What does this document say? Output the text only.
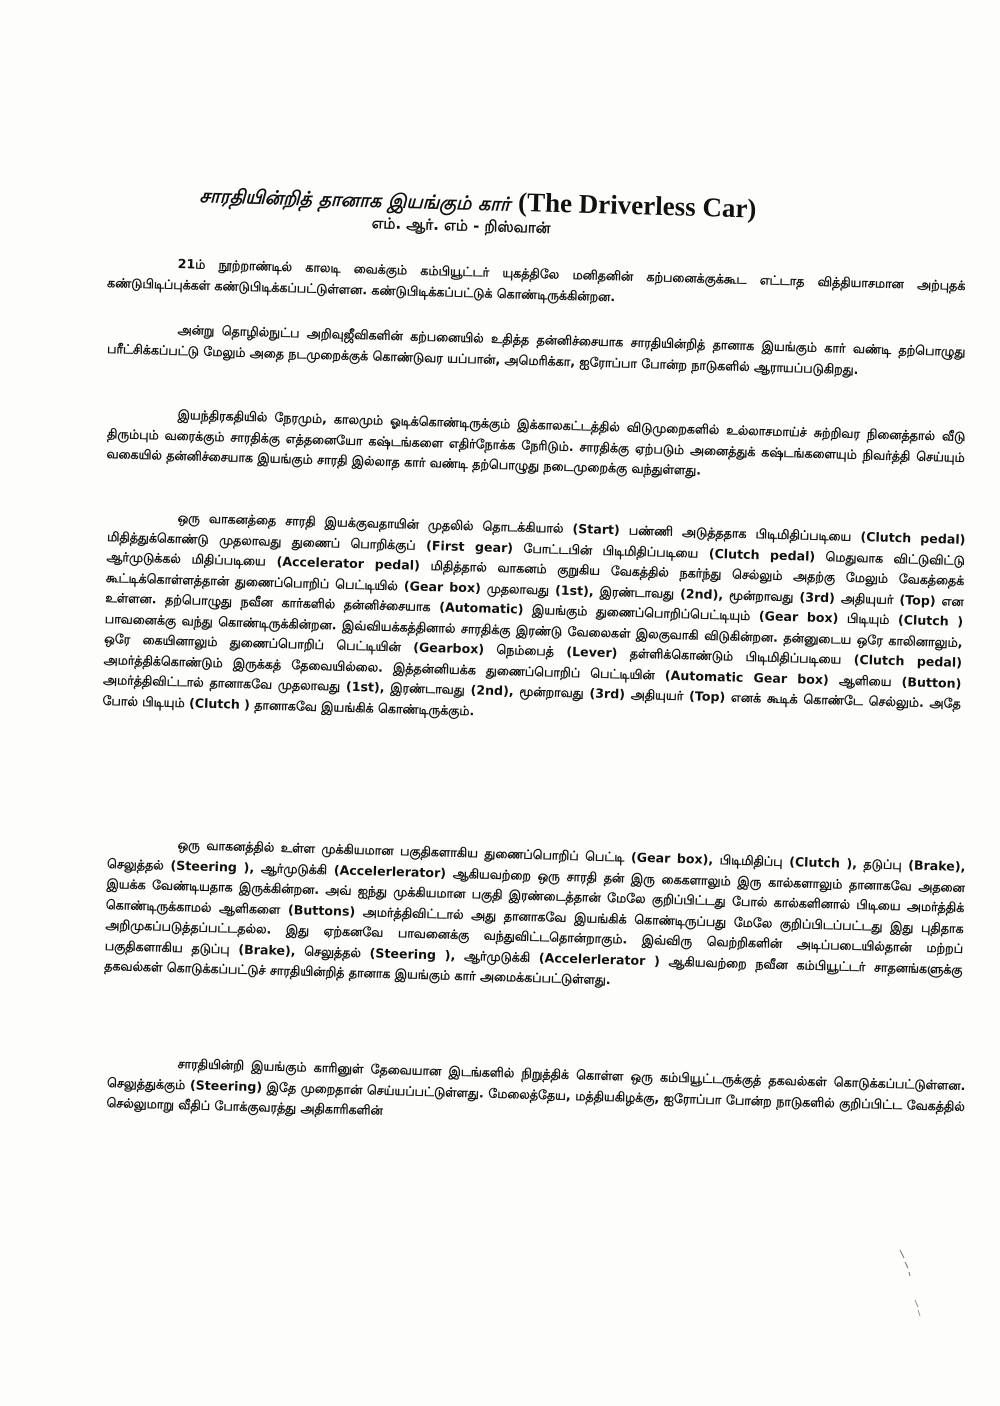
சாரதியின்றித் தானாக இயங்கும் கார் (The Driverless Car)
எம். ஆர். எம் - றிஸ்வான்
21ம் நூற்றாண்டில் காலடி வைக்கும் கம்பியூட்டர் யுகத்திலே மனிதனின் கற்பனைக்குக்கூட எட்டாத வித்தியாசமான அற்புதக் கண்டுபிடிப்புக்கள் கண்டுபிடிக்கப்பட்டுள்ளன. கண்டுபிடிக்கப்பட்டுக் கொண்டிருக்கின்றன.
அன்று தொழில்நுட்ப அறிவுஜீவிகளின் கற்பனையில் உதித்த தன்னிச்சையாக சாரதியின்றித் தானாக இயங்கும் கார் வண்டி தற்பொழுது பரீட்சிக்கப்பட்டு மேலும் அதை நடமுறைக்குக் கொண்டுவர யப்பான், அமெரிக்கா, ஐரோப்பா போன்ற நாடுகளில் ஆராயப்படுகிறது.
இயந்திரகதியில் நேரமும், காலமும் ஓடிக்கொண்டிருக்கும் இக்காலகட்டத்தில் விடுமுறைகளில் உல்லாசமாய்ச் சுற்றிவர நினைத்தால் வீடு திரும்பும் வரைக்கும் சாரதிக்கு எத்தனையோ கஷ்டங்களை எதிர்நோக்க நேரிடும். சாரதிக்கு ஏற்படும் அனைத்துக் கஷ்டங்களையும் நிவர்த்தி செய்யும் வகையில் தன்னிச்சையாக இயங்கும் சாரதி இல்லாத கார் வண்டி தற்பொழுது நடைமுறைக்கு வந்துள்ளது.
ஒரு வாகனத்தை சாரதி இயக்குவதாயின் முதலில் தொடக்கியால் (Start) பண்ணி அடுத்ததாக பிடிமிதிப்படியை (Clutch pedal) மிதித்துக்கொண்டு முதலாவது துணைப் பொறிக்குப் (First gear) போட்டபின் பிடிமிதிப்படியை (Clutch pedal) மெதுவாக விட்டுவிட்டு ஆர்முடுக்கல் மிதிப்படியை (Accelerator pedal) மிதித்தால் வாகனம் குறுகிய வேகத்தில் நகர்ந்து செல்லும் அதற்கு மேலும் வேகத்தைக் கூட்டிக்கொள்ளத்தான் துணைப்பொறிப் பெட்டியில் (Gear box) முதலாவது (1st), இரண்டாவது (2nd), மூன்றாவது (3rd) அதியுயர் (Top) என உள்ளன. தற்பொழுது நவீன கார்களில் தன்னிச்சையாக (Automatic) இயங்கும் துணைப்பொறிப்பெட்டியும் (Gear box) பிடியும் (Clutch ) பாவனைக்கு வந்து கொண்டிருக்கின்றன. இவ்வியக்கத்தினால் சாரதிக்கு இரண்டு வேலைகள் இலகுவாகி விடுகின்றன. தன்னுடைய ஒரே காலினாலும், ஒரே கையினாலும் துணைப்பொறிப் பெட்டியின் (Gearbox) நெம்பைத் (Lever) தள்ளிக்கொண்டும் பிடிமிதிப்படியை (Clutch pedal) அமர்த்திக்கொண்டும் இருக்கத் தேவையில்லை. இத்தன்னியக்க துணைப்பொறிப் பெட்டியின் (Automatic Gear box) ஆளியை (Button) அமர்த்திவிட்டால் தானாகவே முதலாவது (1st), இரண்டாவது (2nd), மூன்றாவது (3rd) அதியுயர் (Top) எனக் கூடிக் கொண்டே செல்லும். அதே போல் பிடியும் (Clutch ) தானாகவே இயங்கிக் கொண்டிருக்கும்.
ஒரு வாகனத்தில் உள்ள முக்கியமான பகுதிகளாகிய துணைப்பொறிப் பெட்டி (Gear box), பிடிமிதிப்பு (Clutch ), தடுப்பு (Brake), செலுத்தல் (Steering ), ஆர்முடுக்கி (Accelerlerator) ஆகியவற்றை ஒரு சாரதி தன் இரு கைகளாலும் இரு கால்களாலும் தானாகவே அதனை இயக்க வேண்டியதாக இருக்கின்றன. அவ் ஐந்து முக்கியமான பகுதி இரண்டைத்தான் மேலே குறிப்பிட்டது போல் கால்களினால் பிடியை அமர்த்திக் கொண்டிருக்காமல் ஆளிகளை (Buttons) அமர்த்திவிட்டால் அது தானாகவே இயங்கிக் கொண்டிருப்பது மேலே குறிப்பிடப்பட்டது இது புதிதாக அறிமுகப்படுத்தப்பட்டதல்ல. இது ஏற்கனவே பாவனைக்கு வந்துவிட்டதொன்றாகும். இவ்விரு வெற்றிகளின் அடிப்படையில்தான் மற்றப் பகுதிகளாகிய தடுப்பு (Brake), செலுத்தல் (Steering ), ஆர்முடுக்கி (Accelerlerator ) ஆகியவற்றை நவீன கம்பியூட்டர் சாதனங்களுக்கு தகவல்கள் கொடுக்கப்பட்டுச் சாரதியின்றித் தானாக இயங்கும் கார் அமைக்கப்பட்டுள்ளது.
சாரதியின்றி இயங்கும் காரினுள் தேவையான இடங்களில் நிறுத்திக் கொள்ள ஒரு கம்பியூட்டருக்குத் தகவல்கள் கொடுக்கப்பட்டுள்ளன. செலுத்துக்கும் (Steering) இதே முறைதான் செய்யப்பட்டுள்ளது. மேலைத்தேய, மத்தியகிழக்கு, ஐரோப்பா போன்ற நாடுகளில் குறிப்பிட்ட வேகத்தில் செல்லுமாறு வீதிப் போக்குவரத்து அதிகாரிகளின்
